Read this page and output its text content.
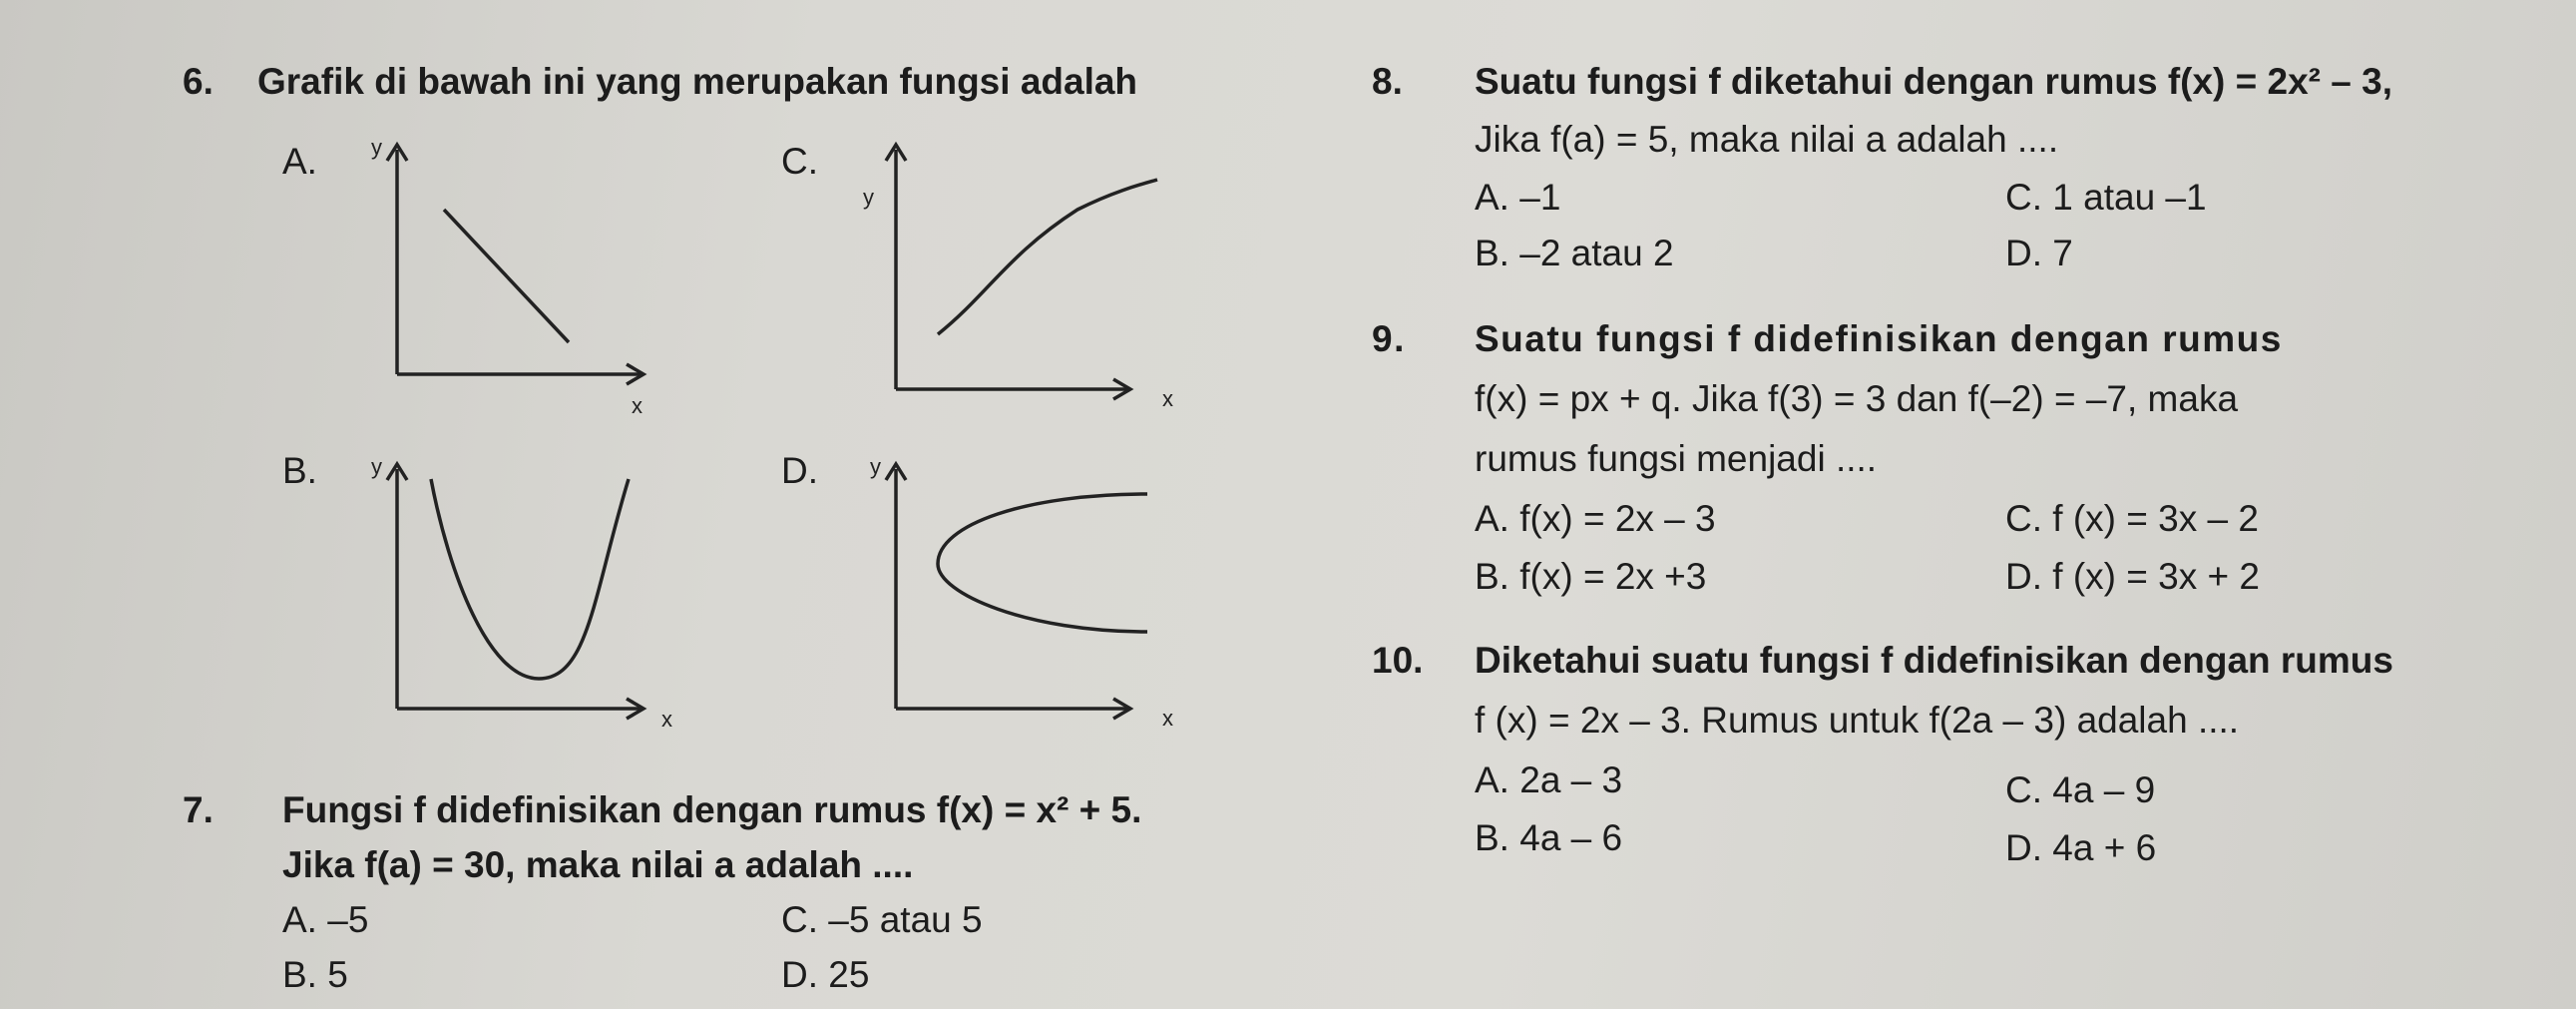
6. Grafik di bawah ini yang merupakan fungsi adalah
A. y
x
C.
y
x
B. y
x
D. y
x
7. Fungsi f didefinisikan dengan rumus f(x) = x² + 5.
Jika f(a) = 30, maka nilai a adalah ....
A. –5	C. –5 atau 5
B. 5	D. 25
8. Suatu fungsi f diketahui dengan rumus f(x) = 2x² – 3,
Jika f(a) = 5, maka nilai a adalah ....
A. –1	C. 1 atau –1
B. –2 atau 2	D. 7
9. Suatu fungsi f didefinisikan dengan rumus
f(x) = px + q. Jika f(3) = 3 dan f(–2) = –7, maka
rumus fungsi menjadi ....
A. f(x) = 2x – 3	C. f (x) = 3x – 2
B. f(x) = 2x +3	D. f (x) = 3x + 2
10. Diketahui suatu fungsi f didefinisikan dengan rumus
f (x) = 2x – 3. Rumus untuk f(2a – 3) adalah ....
A. 2a – 3	C. 4a – 9
B. 4a – 6	D. 4a + 6
